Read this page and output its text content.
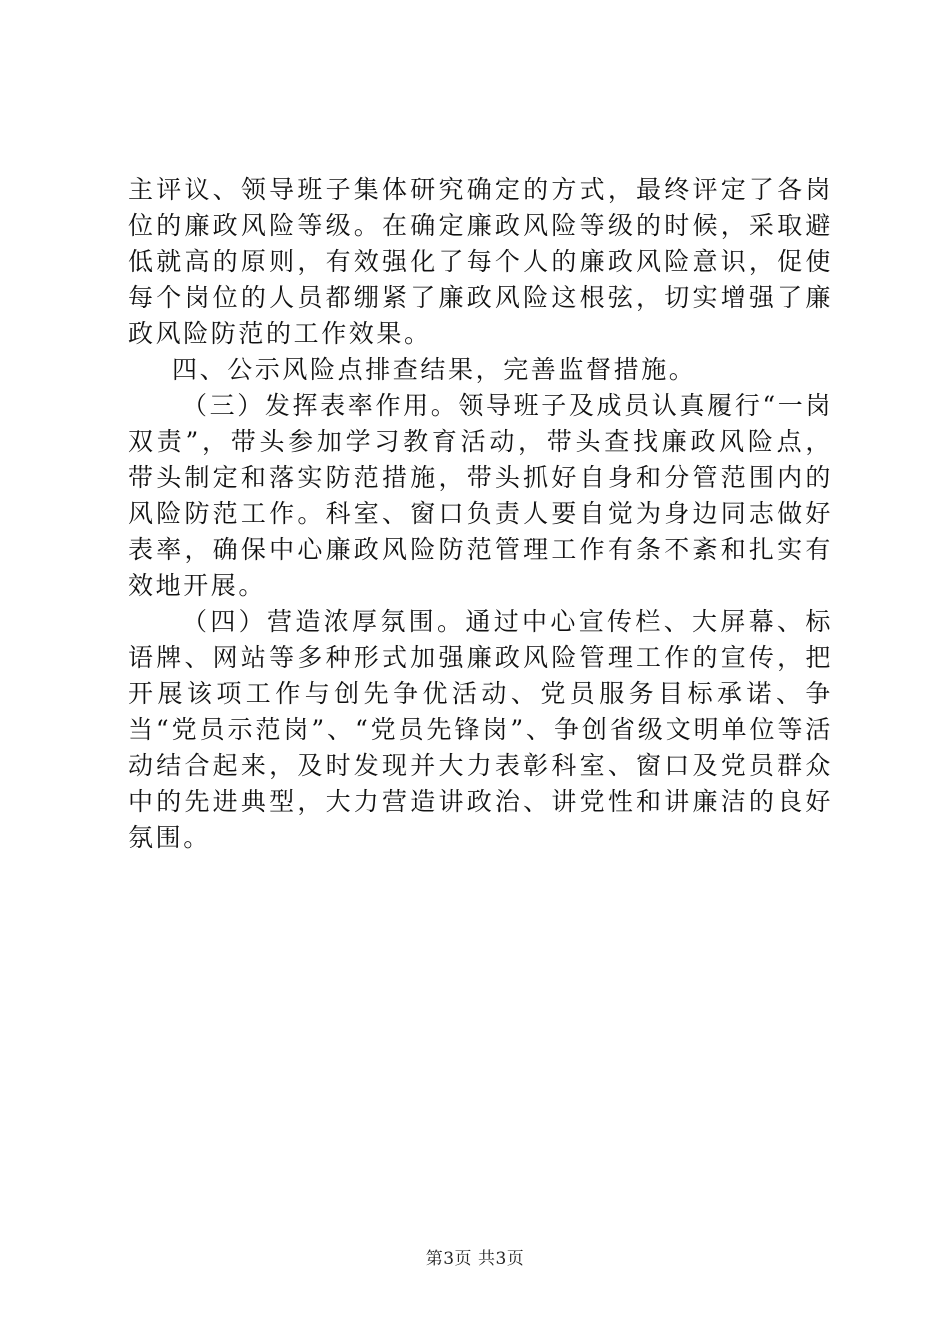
主评议、领导班子集体研究确定的方式，最终评定了各岗位的廉政风险等级。在确定廉政风险等级的时候，采取避低就高的原则，有效强化了每个人的廉政风险意识，促使每个岗位的人员都绷紧了廉政风险这根弦，切实增强了廉政风险防范的工作效果。

四、公示风险点排查结果，完善监督措施。

（三）发挥表率作用。领导班子及成员认真履行“一岗双责”，带头参加学习教育活动，带头查找廉政风险点，带头制定和落实防范措施，带头抓好自身和分管范围内的风险防范工作。科室、窗口负责人要自觉为身边同志做好表率，确保中心廉政风险防范管理工作有条不紊和扎实有效地开展。

（四）营造浓厚氛围。通过中心宣传栏、大屏幕、标语牌、网站等多种形式加强廉政风险管理工作的宣传，把开展该项工作与创先争优活动、党员服务目标承诺、争当“党员示范岗”、“党员先锋岗”、争创省级文明单位等活动结合起来，及时发现并大力表彰科室、窗口及党员群众中的先进典型，大力营造讲政治、讲党性和讲廉洁的良好氛围。

第3页 共3页
